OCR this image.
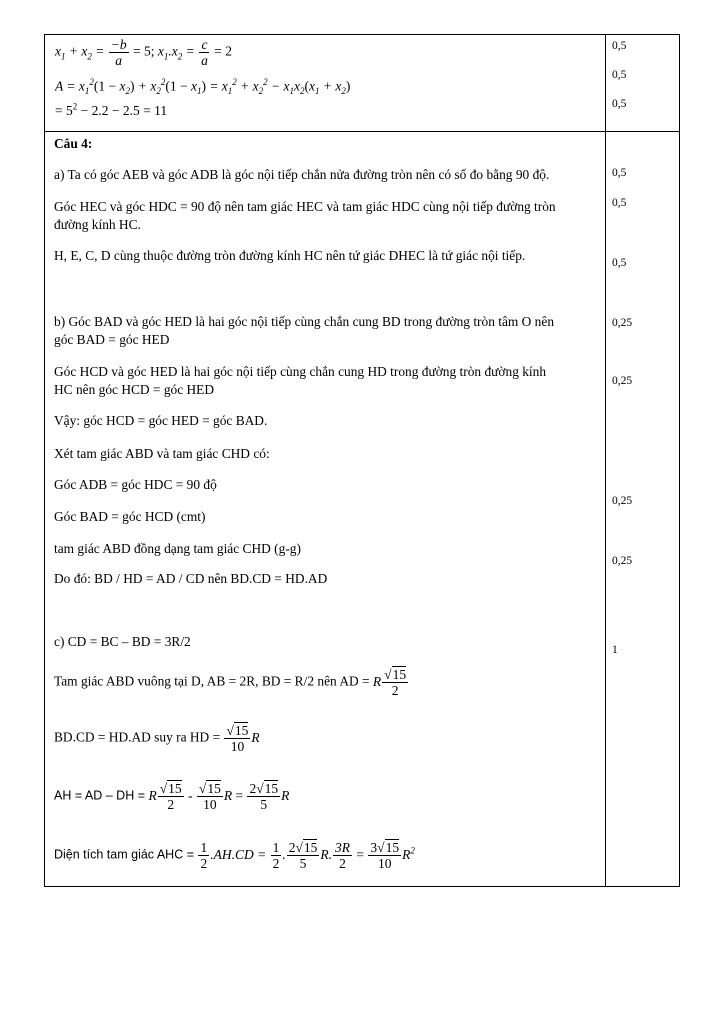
$x_1 + x_2 = \frac{-b}{a} = 5$; $x_1.x_2 = \frac{c}{a} = 2$
$A = x_1^2(1 - x_2) + x_2^2(1 - x_1) = x_1^2 + x_2^2 - x_1x_2(x_1 + x_2)$
= $5^2 - 2.2 - 2.5 = 11$
0,5
0,5
0,5
Câu 4:
a) Ta có góc AEB và góc ADB là góc nội tiếp chắn nửa đường tròn nên có số đo bằng 90 độ.
Góc HEC và góc HDC = 90 độ nên tam giác HEC và tam giác HDC cùng nội tiếp đường tròn
đường kính HC.
H, E, C, D cùng thuộc đường tròn đường kính HC nên tứ giác DHEC là tứ giác nội tiếp.
0,5
0,5
0,5
b) Góc BAD và góc HED là hai góc nội tiếp cùng chắn cung BD trong đường tròn tâm O nên
góc BAD = góc HED
Góc HCD và góc HED là hai góc nội tiếp cùng chắn cung HD trong đường tròn đường kính
HC nên góc HCD = góc HED
Vậy: góc HCD = góc HED = góc BAD.
Xét tam giác ABD và tam giác CHD có:
Góc ADB = góc HDC = 90 độ
Góc BAD = góc HCD (cmt)
tam giác ABD đồng dạng tam giác CHD (g-g)
Do đó: BD / HD = AD / CD nên BD.CD = HD.AD
0,25
0,25
0,25
0,25
c) CD = BC – BD = 3R/2
1
Tam giác ABD vuông tại D, AB = 2R, BD = R/2 nên AD = R $\frac{√15}{2}$
BD.CD = HD.AD suy ra HD = $\frac{√15}{10}$ R
AH = AD – DH = R $\frac{√15}{2} - \frac{√15}{10}$ $R = \frac{2√15}{5}$ R
Diện tích tam giác AHC = $\frac{1}{2} .AH.CD = \frac{1}{2}$ . $\frac{2√15}{5} R$. $\frac{3R}{2} = \frac{3√15}{10} R^2$
